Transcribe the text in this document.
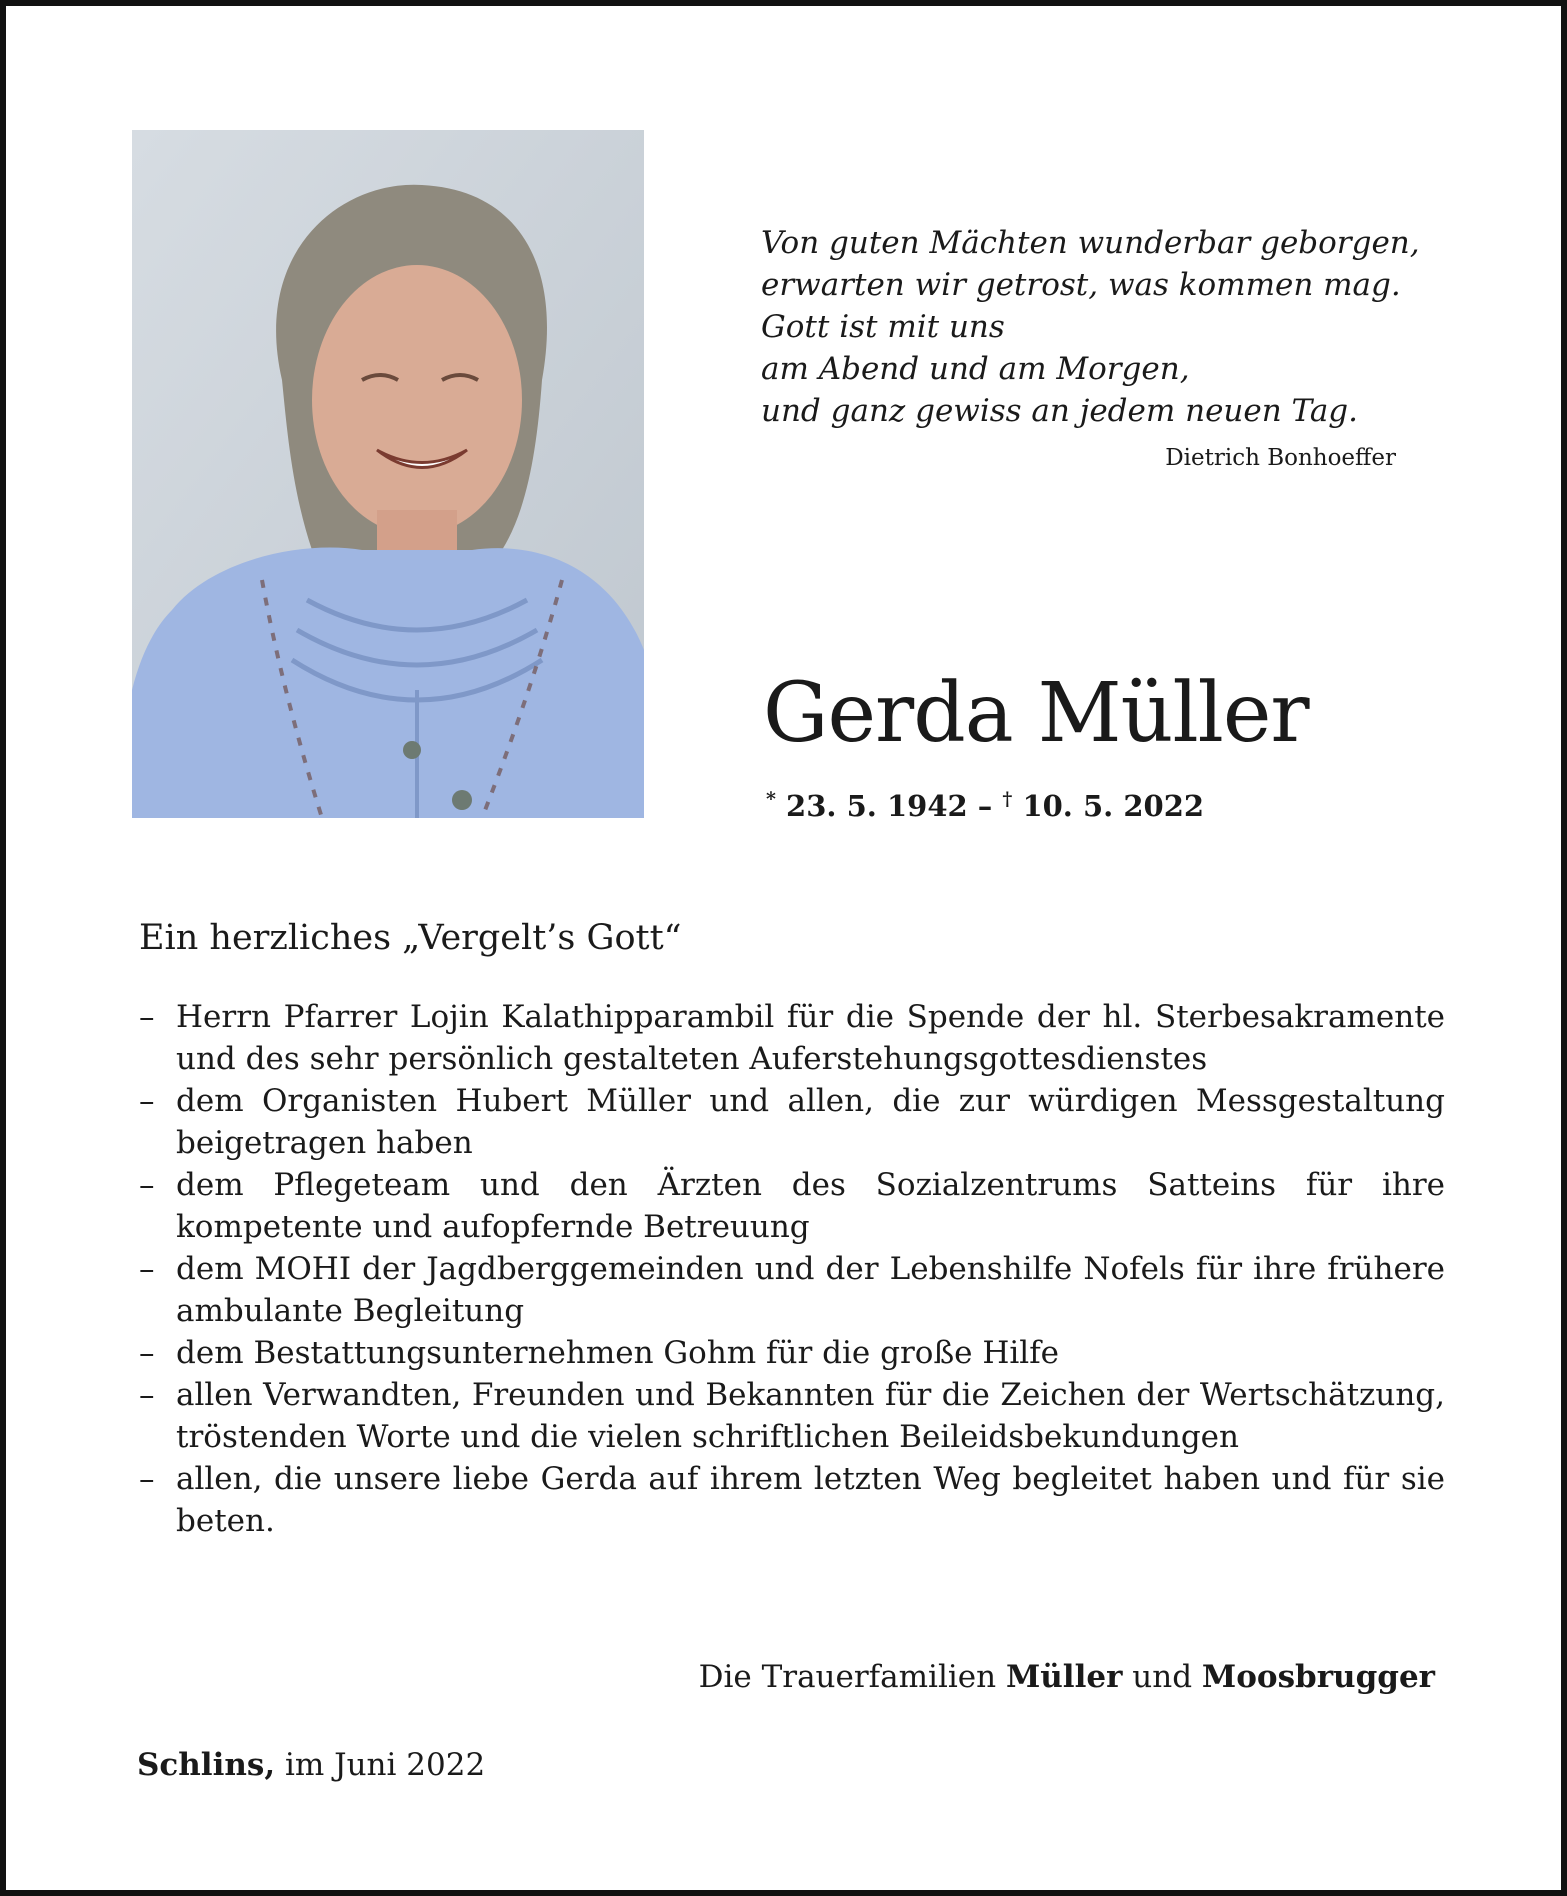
Von guten Mächten wunderbar geborgen,
erwarten wir getrost, was kommen mag.
Gott ist mit uns
am Abend und am Morgen,
und ganz gewiss an jedem neuen Tag.
Dietrich Bonhoeffer
Gerda Müller
* 23. 5. 1942 – † 10. 5. 2022
Ein herzliches „Vergelt’s Gott“
– Herrn Pfarrer Lojin Kalathipparambil für die Spende der hl. Sterbesakramente und des sehr persönlich gestalteten Auferstehungsgottesdienstes
– dem Organisten Hubert Müller und allen, die zur würdigen Messgestaltung beigetragen haben
– dem Pflegeteam und den Ärzten des Sozialzentrums Satteins für ihre kompetente und aufopfernde Betreuung
– dem MOHI der Jagdberggemeinden und der Lebenshilfe Nofels für ihre frühere ambulante Begleitung
– dem Bestattungsunternehmen Gohm für die große Hilfe
– allen Verwandten, Freunden und Bekannten für die Zeichen der Wertschätzung, tröstenden Worte und die vielen schriftlichen Beileidsbekundungen
– allen, die unsere liebe Gerda auf ihrem letzten Weg begleitet haben und für sie beten.
Die Trauerfamilien Müller und Moosbrugger
Schlins, im Juni 2022
